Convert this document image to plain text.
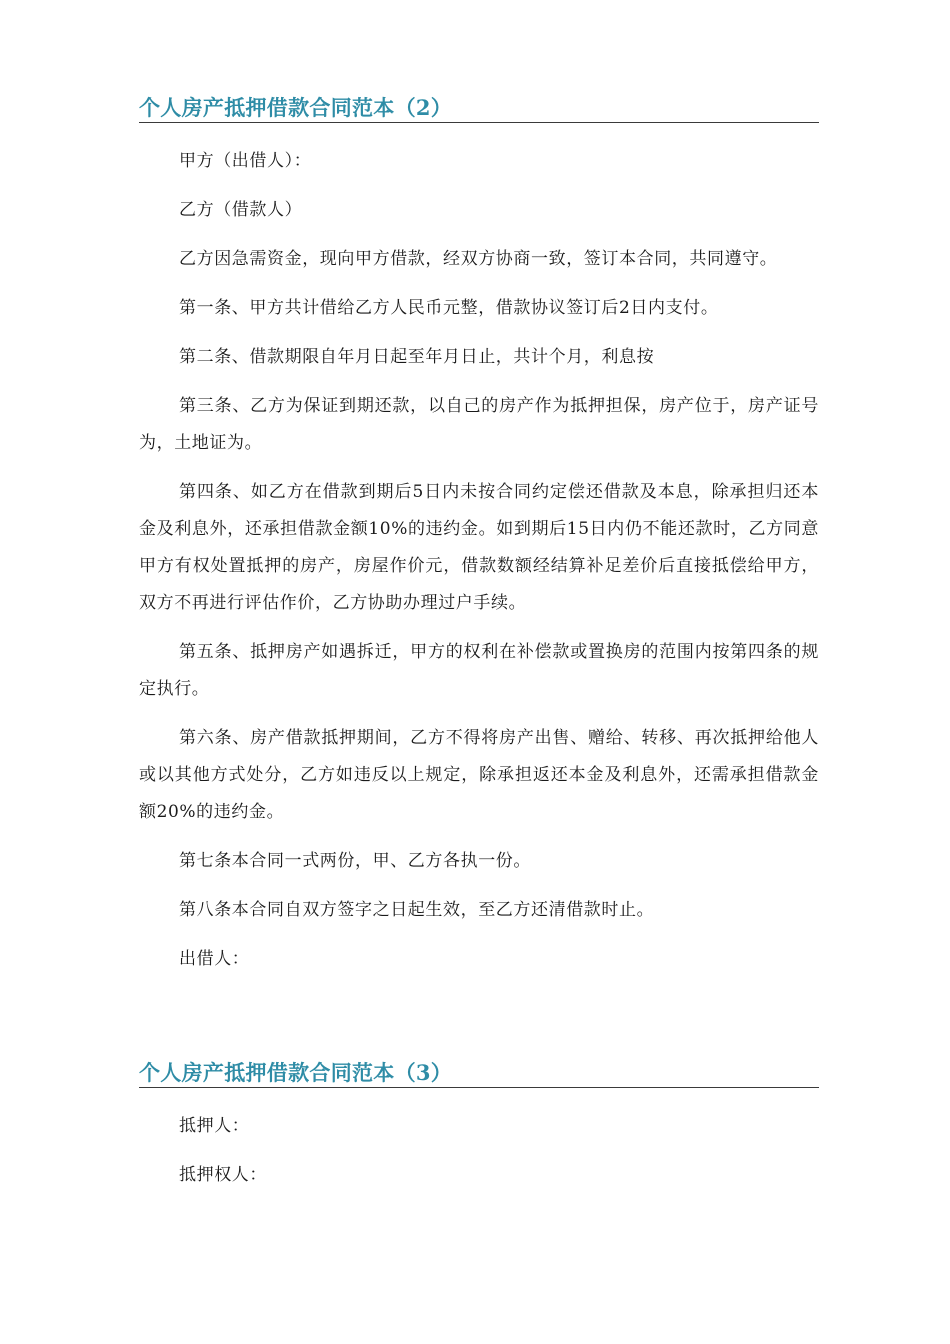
个人房产抵押借款合同范本（2）

甲方（出借人）：

乙方（借款人）

乙方因急需资金，现向甲方借款，经双方协商一致，签订本合同，共同遵守。

第一条、甲方共计借给乙方人民币元整，借款协议签订后2日内支付。

第二条、借款期限自年月日起至年月日止，共计个月，利息按

第三条、乙方为保证到期还款，以自己的房产作为抵押担保，房产位于，房产证号为，土地证为。

第四条、如乙方在借款到期后5日内未按合同约定偿还借款及本息，除承担归还本金及利息外，还承担借款金额10%的违约金。如到期后15日内仍不能还款时，乙方同意甲方有权处置抵押的房产，房屋作价元，借款数额经结算补足差价后直接抵偿给甲方，双方不再进行评估作价，乙方协助办理过户手续。

第五条、抵押房产如遇拆迁，甲方的权利在补偿款或置换房的范围内按第四条的规定执行。

第六条、房产借款抵押期间，乙方不得将房产出售、赠给、转移、再次抵押给他人或以其他方式处分，乙方如违反以上规定，除承担返还本金及利息外，还需承担借款金额20%的违约金。

第七条本合同一式两份，甲、乙方各执一份。

第八条本合同自双方签字之日起生效，至乙方还清借款时止。

出借人：

个人房产抵押借款合同范本（3）

抵押人：

抵押权人：
